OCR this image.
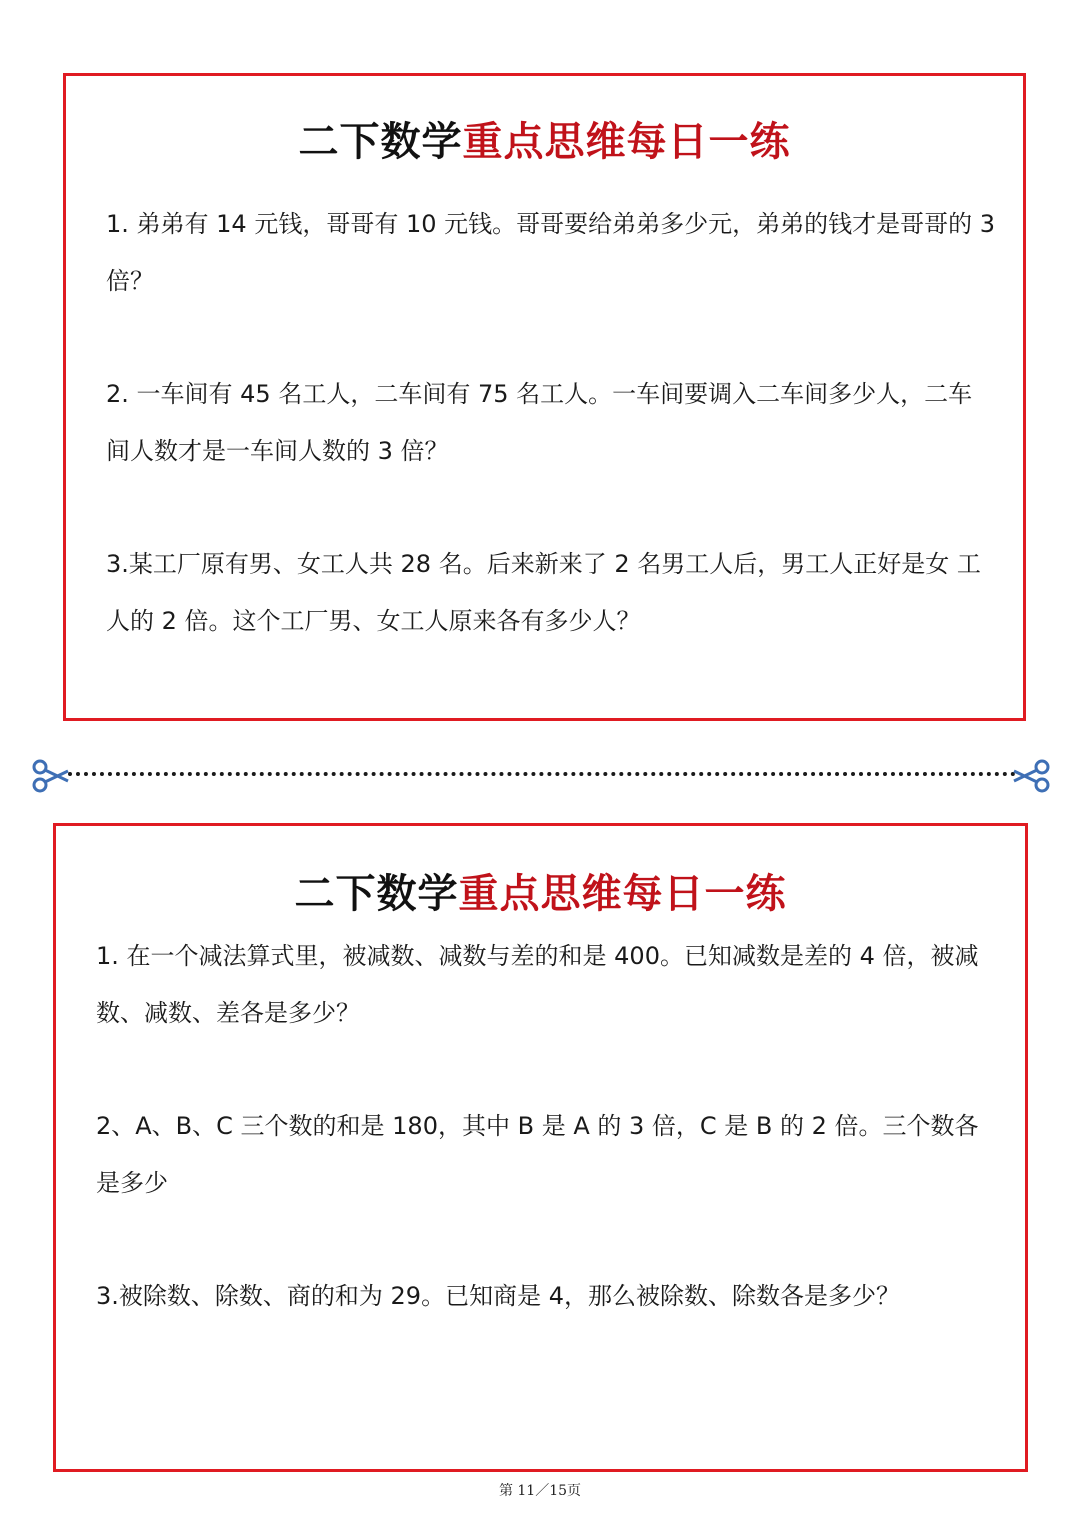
二下数学重点思维每日一练
1. 弟弟有 14 元钱，哥哥有 10 元钱。哥哥要给弟弟多少元，弟弟的钱才是哥哥的 3 倍？
2. 一车间有 45 名工人，二车间有 75 名工人。一车间要调入二车间多少人，二车间人数才是一车间人数的 3 倍？
3.某工厂原有男、女工人共 28 名。后来新来了 2 名男工人后，男工人正好是女 工人的 2 倍。这个工厂男、女工人原来各有多少人？
二下数学重点思维每日一练
1. 在一个减法算式里，被减数、减数与差的和是 400。已知减数是差的 4 倍，被减数、减数、差各是多少？
2、A、B、C 三个数的和是 180，其中 B 是 A 的 3 倍，C 是 B 的 2 倍。三个数各是多少
3.被除数、除数、商的和为 29。已知商是 4，那么被除数、除数各是多少？
第 11／15页
